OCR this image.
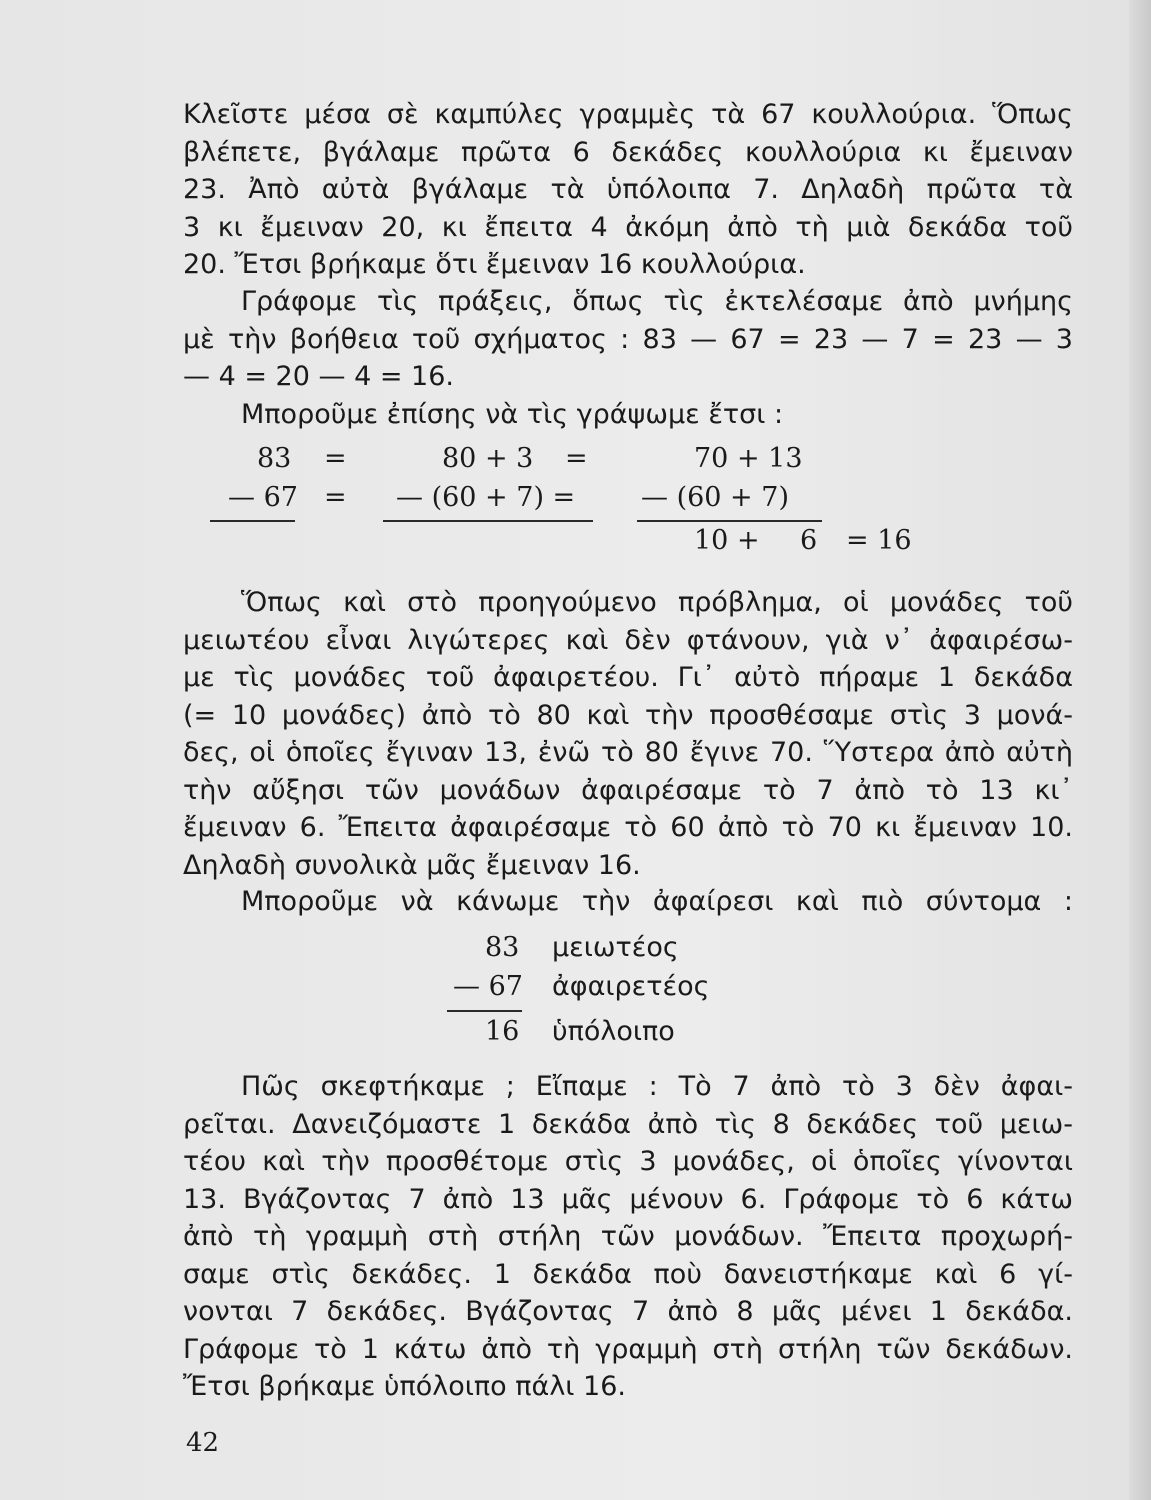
Κλεῖστε μέσα σὲ καμπύλες γραμμὲς τὰ 67 κουλλούρια. Ὅπως
βλέπετε, βγάλαμε πρῶτα 6 δεκάδες κουλλούρια κι ἔμειναν
23. Ἀπὸ αὐτὰ βγάλαμε τὰ ὑπόλοιπα 7. Δηλαδὴ πρῶτα τὰ
3 κι ἔμειναν 20, κι ἔπειτα 4 ἀκόμη ἀπὸ τὴ μιὰ δεκάδα τοῦ
20. Ἔτσι βρήκαμε ὅτι ἔμειναν 16 κουλλούρια.
Γράφομε τὶς πράξεις, ὅπως τὶς ἐκτελέσαμε ἀπὸ μνήμης
μὲ τὴν βοήθεια τοῦ σχήματος : 83 — 67 = 23 — 7 = 23 — 3
— 4 = 20 — 4 = 16.
Μποροῦμε ἐπίσης νὰ τὶς γράψωμε ἔτσι :
83 =	80 + 3 =	70 + 13
— 67 = — (60 + 7) = — (60 + 7)
10 + 6 = 16
Ὅπως καὶ στὸ προηγούμενο πρόβλημα, οἱ μονάδες τοῦ
μειωτέου εἶναι λιγώτερες καὶ δὲν φτάνουν, γιὰ ν᾿ ἀφαιρέσω-
με τὶς μονάδες τοῦ ἀφαιρετέου. Γι᾿ αὐτὸ πήραμε 1 δεκάδα
(= 10 μονάδες) ἀπὸ τὸ 80 καὶ τὴν προσθέσαμε στὶς 3 μονά-
δες, οἱ ὁποῖες ἔγιναν 13, ἐνῶ τὸ 80 ἔγινε 70. Ὕστερα ἀπὸ αὐτὴ
τὴν αὔξησι τῶν μονάδων ἀφαιρέσαμε τὸ 7 ἀπὸ τὸ 13 κι᾿
ἔμειναν 6. Ἔπειτα ἀφαιρέσαμε τὸ 60 ἀπὸ τὸ 70 κι ἔμειναν 10.
Δηλαδὴ συνολικὰ μᾶς ἔμειναν 16.
Μποροῦμε νὰ κάνωμε τὴν ἀφαίρεσι καὶ πιὸ σύντομα :
83 μειωτέος
— 67 ἀφαιρετέος
16 ὑπόλοιπο
Πῶς σκεφτήκαμε ; Εἴπαμε : Τὸ 7 ἀπὸ τὸ 3 δὲν ἀφαι-
ρεῖται. Δανειζόμαστε 1 δεκάδα ἀπὸ τὶς 8 δεκάδες τοῦ μειω-
τέου καὶ τὴν προσθέτομε στὶς 3 μονάδες, οἱ ὁποῖες γίνονται
13. Βγάζοντας 7 ἀπὸ 13 μᾶς μένουν 6. Γράφομε τὸ 6 κάτω
ἀπὸ τὴ γραμμὴ στὴ στήλη τῶν μονάδων. Ἔπειτα προχωρή-
σαμε στὶς δεκάδες. 1 δεκάδα ποὺ δανειστήκαμε καὶ 6 γί-
νονται 7 δεκάδες. Βγάζοντας 7 ἀπὸ 8 μᾶς μένει 1 δεκάδα.
Γράφομε τὸ 1 κάτω ἀπὸ τὴ γραμμὴ στὴ στήλη τῶν δεκάδων.
Ἔτσι βρήκαμε ὑπόλοιπο πάλι 16.
42
